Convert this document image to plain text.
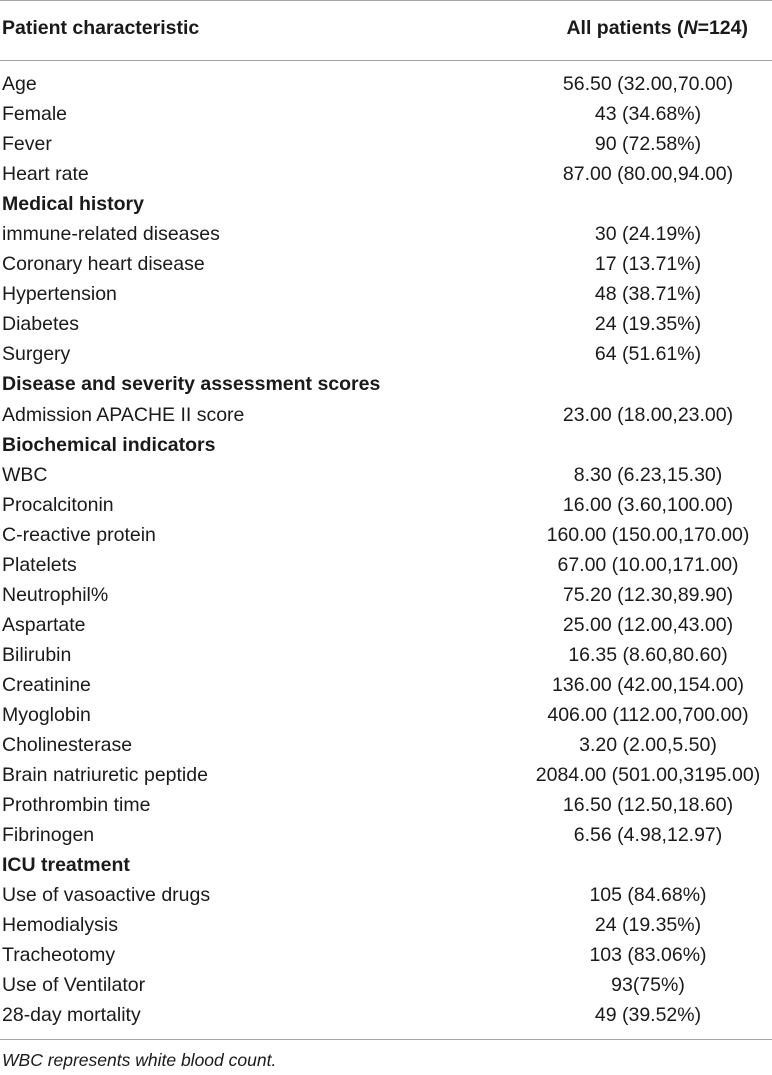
Patient characteristic	All patients (N=124)
Age	56.50 (32.00,70.00)
Female	43 (34.68%)
Fever	90 (72.58%)
Heart rate	87.00 (80.00,94.00)
Medical history
immune-related diseases	30 (24.19%)
Coronary heart disease	17 (13.71%)
Hypertension	48 (38.71%)
Diabetes	24 (19.35%)
Surgery	64 (51.61%)
Disease and severity assessment scores
Admission APACHE II score	23.00 (18.00,23.00)
Biochemical indicators
WBC	8.30 (6.23,15.30)
Procalcitonin	16.00 (3.60,100.00)
C-reactive protein	160.00 (150.00,170.00)
Platelets	67.00 (10.00,171.00)
Neutrophil%	75.20 (12.30,89.90)
Aspartate	25.00 (12.00,43.00)
Bilirubin	16.35 (8.60,80.60)
Creatinine	136.00 (42.00,154.00)
Myoglobin	406.00 (112.00,700.00)
Cholinesterase	3.20 (2.00,5.50)
Brain natriuretic peptide	2084.00 (501.00,3195.00)
Prothrombin time	16.50 (12.50,18.60)
Fibrinogen	6.56 (4.98,12.97)
ICU treatment
Use of vasoactive drugs	105 (84.68%)
Hemodialysis	24 (19.35%)
Tracheotomy	103 (83.06%)
Use of Ventilator	93(75%)
28-day mortality	49 (39.52%)
WBC represents white blood count.
